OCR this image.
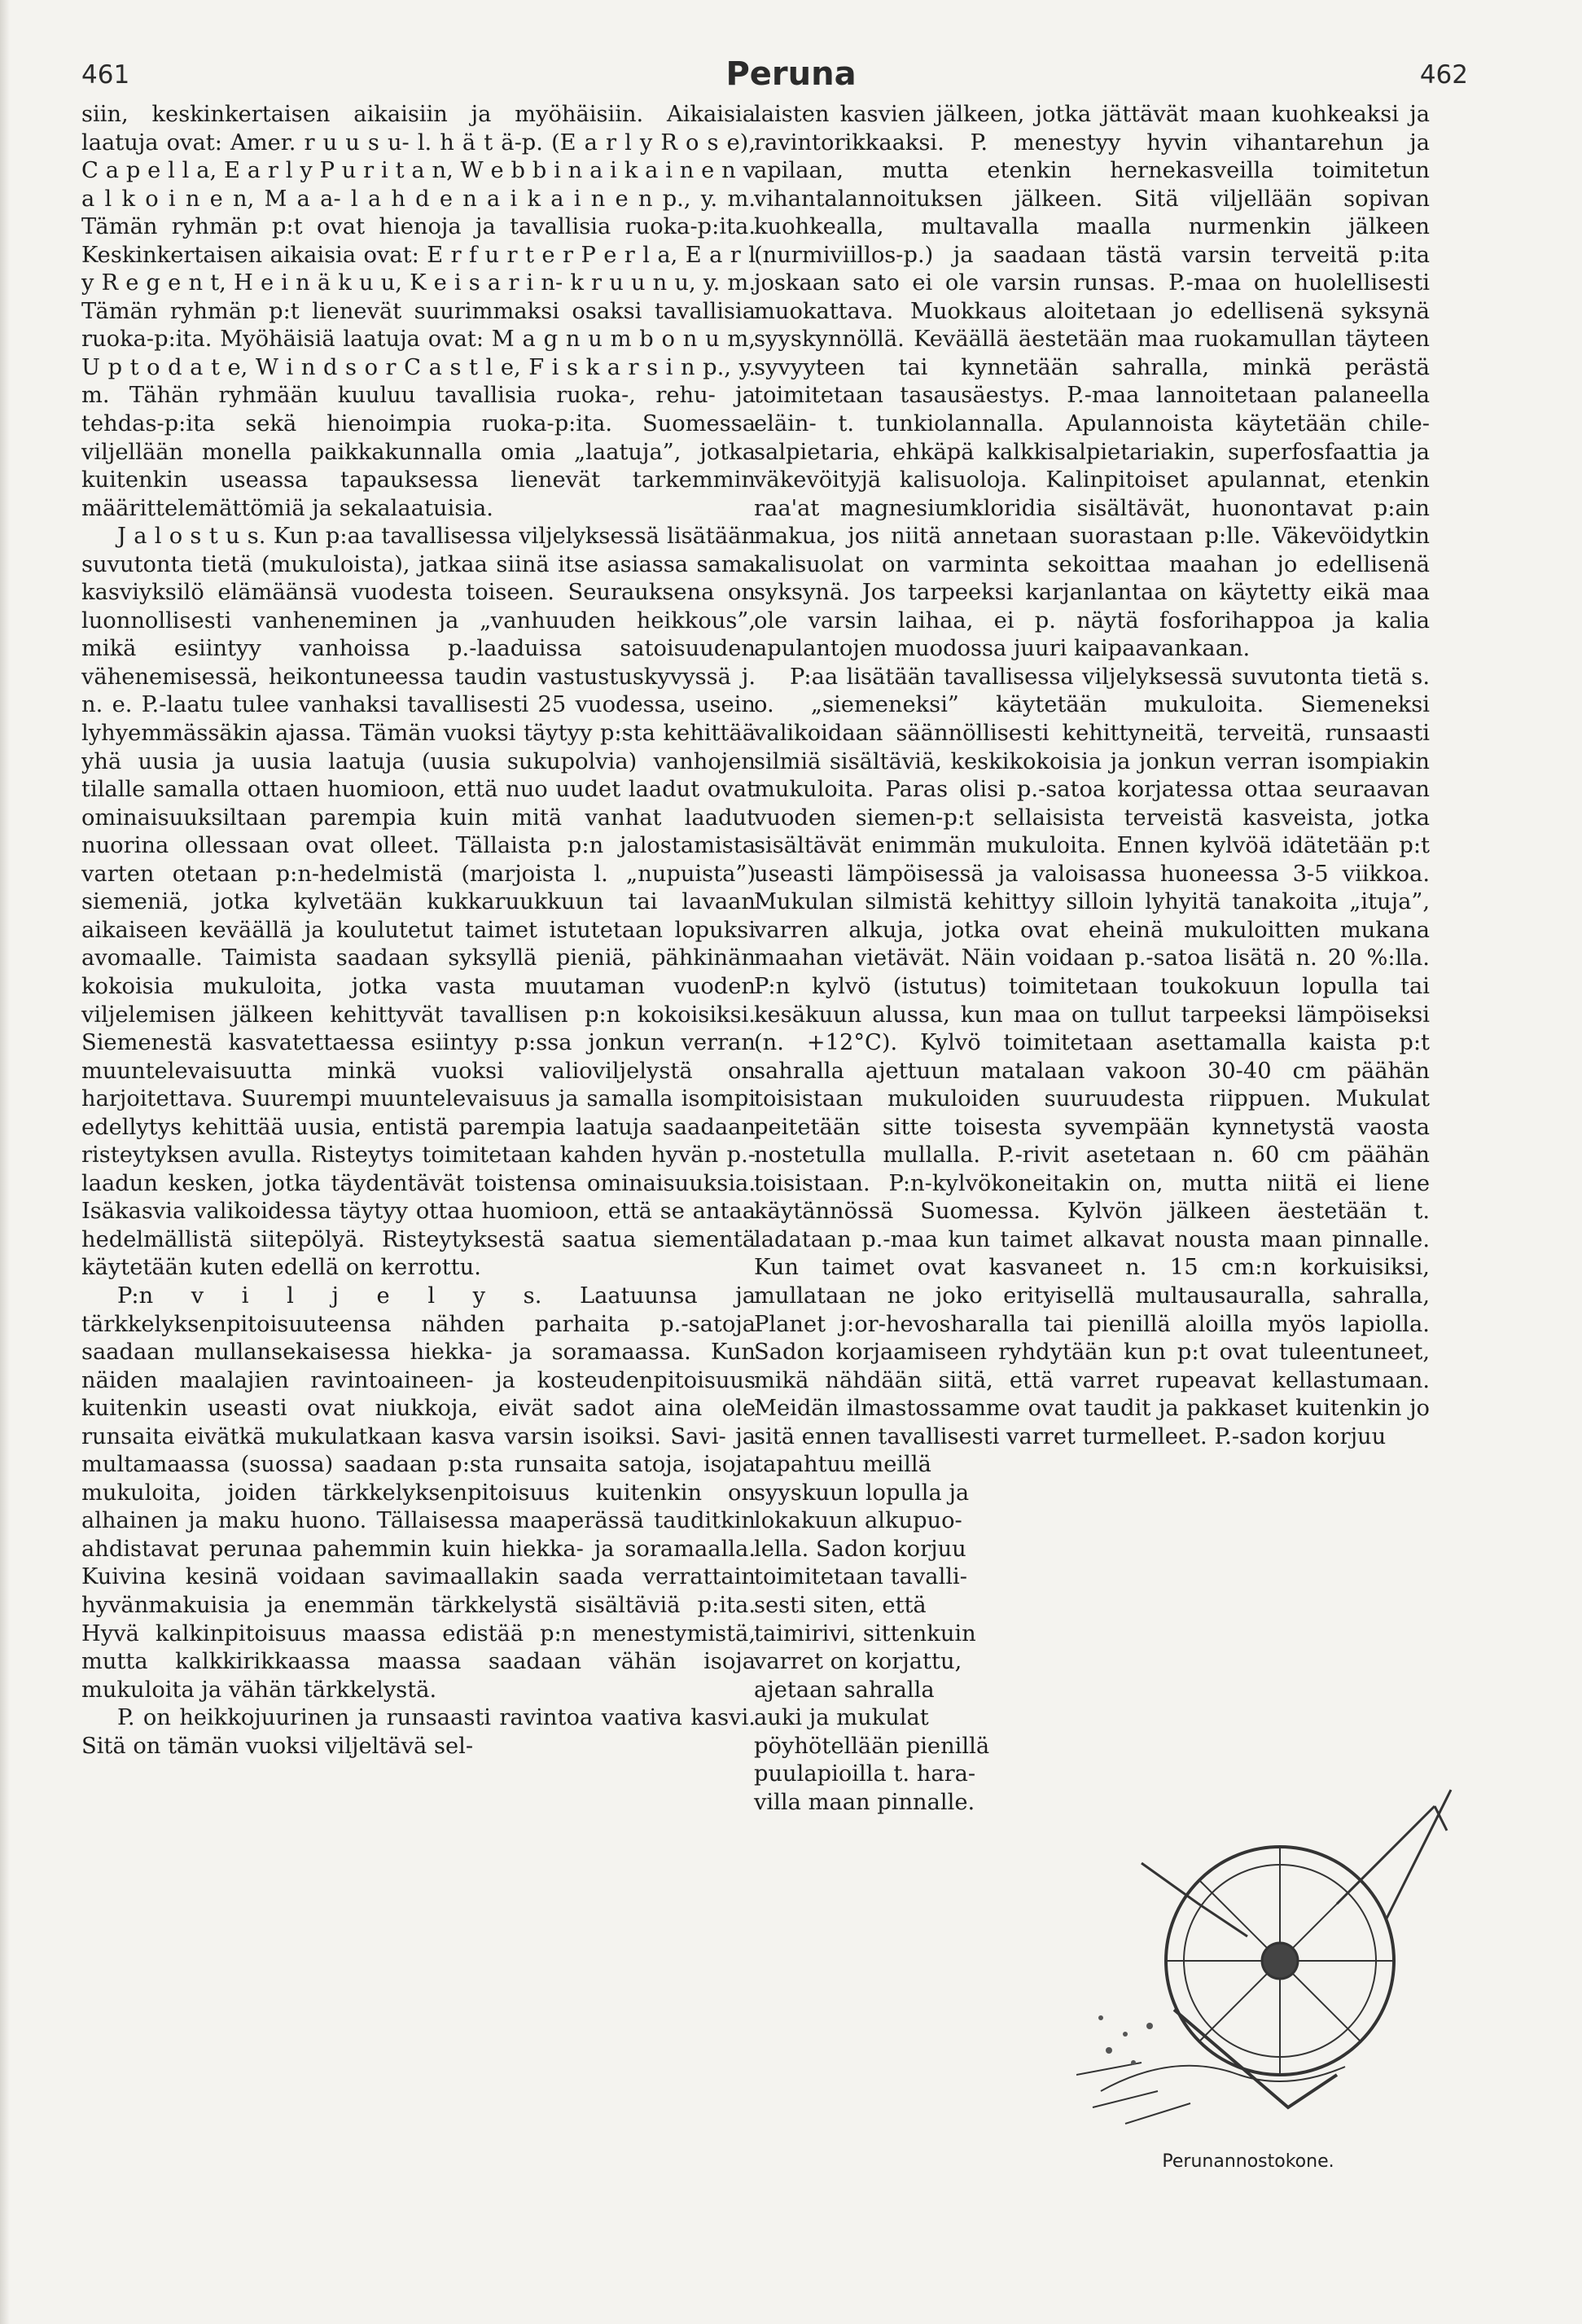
461	Peruna	462

siin, keskinkertaisen aikaisiin ja myöhäisiin. Aikaisia laatuja ovat: Amer. r u u s u- l. h ä t ä-p. (E a r l y R o s e), C a p e l l a, E a r l y P u r i t a n, W e b b i n a i k a i n e n v a l k o i n e n, M a a- l a h d e n a i k a i n e n p., y. m. Tämän ryhmän p:t ovat hienoja ja tavallisia ruoka-p:ita. Keskinkertaisen aikaisia ovat: E r f u r t e r P e r l a, E a r l y R e g e n t, H e i n ä k u u, K e i s a r i n- k r u u n u, y. m. Tämän ryhmän p:t lienevät suurimmaksi osaksi tavallisia ruoka-p:ita. Myöhäisiä laatuja ovat: M a g n u m b o n u m, U p t o d a t e, W i n d s o r C a s t l e, F i s k a r s i n p., y. m. Tähän ryhmään kuuluu tavallisia ruoka-, rehu- ja tehdas-p:ita sekä hienoimpia ruoka-p:ita. Suomessa viljellään monella paikkakunnalla omia „laatuja”, jotka kuitenkin useassa tapauksessa lienevät tarkemmin määrittelemättömiä ja sekalaatuisia.

J a l o s t u s. Kun p:aa tavallisessa viljelyksessä lisätään suvutonta tietä (mukuloista), jatkaa siinä itse asiassa sama kasviyksilö elämäänsä vuodesta toiseen. Seurauksena on luonnollisesti vanheneminen ja „vanhuuden heikkous”, mikä esiintyy vanhoissa p.-laaduissa satoisuuden vähenemisessä, heikontuneessa taudin vastustuskyvyssä j. n. e. P.-laatu tulee vanhaksi tavallisesti 25 vuodessa, usein lyhyemmässäkin ajassa. Tämän vuoksi täytyy p:sta kehittää yhä uusia ja uusia laatuja (uusia sukupolvia) vanhojen tilalle samalla ottaen huomioon, että nuo uudet laadut ovat ominaisuuksiltaan parempia kuin mitä vanhat laadut nuorina ollessaan ovat olleet. Tällaista p:n jalostamista varten otetaan p:n-hedelmistä (marjoista l. „nupuista”) siemeniä, jotka kylvetään kukkaruukkuun tai lavaan aikaiseen keväällä ja koulutetut taimet istutetaan lopuksi avomaalle. Taimista saadaan syksyllä pieniä, pähkinän kokoisia mukuloita, jotka vasta muutaman vuoden viljelemisen jälkeen kehittyvät tavallisen p:n kokoisiksi. Siemenestä kasvatettaessa esiintyy p:ssa jonkun verran muuntelevaisuutta minkä vuoksi valioviljelystä on harjoitettava. Suurempi muuntelevaisuus ja samalla isompi edellytys kehittää uusia, entistä parempia laatuja saadaan risteytyksen avulla. Risteytys toimitetaan kahden hyvän p.-laadun kesken, jotka täydentävät toistensa ominaisuuksia. Isäkasvia valikoidessa täytyy ottaa huomioon, että se antaa hedelmällistä siitepölyä. Risteytyksestä saatua siementä käytetään kuten edellä on kerrottu.

P:n v i l j e l y s. Laatuunsa ja tärkkelyksenpitoisuuteensa nähden parhaita p.-satoja saadaan mullansekaisessa hiekka- ja soramaassa. Kun näiden maalajien ravintoaineen- ja kosteudenpitoisuus kuitenkin useasti ovat niukkoja, eivät sadot aina ole runsaita eivätkä mukulatkaan kasva varsin isoiksi. Savi- ja multamaassa (suossa) saadaan p:sta runsaita satoja, isoja mukuloita, joiden tärkkelyksenpitoisuus kuitenkin on alhainen ja maku huono. Tällaisessa maaperässä tauditkin ahdistavat perunaa pahemmin kuin hiekka- ja soramaalla. Kuivina kesinä voidaan savimaallakin saada verrattain hyvänmakuisia ja enemmän tärkkelystä sisältäviä p:ita. Hyvä kalkinpitoisuus maassa edistää p:n menestymistä, mutta kalkkirikkaassa maassa saadaan vähän isoja mukuloita ja vähän tärkkelystä.

P. on heikkojuurinen ja runsaasti ravintoa vaativa kasvi. Sitä on tämän vuoksi viljeltävä sel-

laisten kasvien jälkeen, jotka jättävät maan kuohkeaksi ja ravintorikkaaksi. P. menestyy hyvin vihantarehun ja apilaan, mutta etenkin hernekasveilla toimitetun vihantalannoituksen jälkeen. Sitä viljellään sopivan kuohkealla, multavalla maalla nurmenkin jälkeen (nurmiviillos-p.) ja saadaan tästä varsin terveitä p:ita joskaan sato ei ole varsin runsas. P.-maa on huolellisesti muokattava. Muokkaus aloitetaan jo edellisenä syksynä syyskynnöllä. Keväällä äestetään maa ruokamullan täyteen syvyyteen tai kynnetään sahralla, minkä perästä toimitetaan tasausäestys. P.-maa lannoitetaan palaneella eläin- t. tunkiolannalla. Apulannoista käytetään chile-salpietaria, ehkäpä kalkkisalpietariakin, superfosfaattia ja väkevöityjä kalisuoloja. Kalinpitoiset apulannat, etenkin raa'at magnesiumkloridia sisältävät, huonontavat p:ain makua, jos niitä annetaan suorastaan p:lle. Väkevöidytkin kalisuolat on varminta sekoittaa maahan jo edellisenä syksynä. Jos tarpeeksi karjanlantaa on käytetty eikä maa ole varsin laihaa, ei p. näytä fosforihappoa ja kalia apulantojen muodossa juuri kaipaavankaan.

P:aa lisätään tavallisessa viljelyksessä suvutonta tietä s. o. „siemeneksi” käytetään mukuloita. Siemeneksi valikoidaan säännöllisesti kehittyneitä, terveitä, runsaasti silmiä sisältäviä, keskikokoisia ja jonkun verran isompiakin mukuloita. Paras olisi p.-satoa korjatessa ottaa seuraavan vuoden siemen-p:t sellaisista terveistä kasveista, jotka sisältävät enimmän mukuloita. Ennen kylvöä idätetään p:t useasti lämpöisessä ja valoisassa huoneessa 3-5 viikkoa. Mukulan silmistä kehittyy silloin lyhyitä tanakoita „ituja”, varren alkuja, jotka ovat eheinä mukuloitten mukana maahan vietävät. Näin voidaan p.-satoa lisätä n. 20 %:lla. P:n kylvö (istutus) toimitetaan toukokuun lopulla tai kesäkuun alussa, kun maa on tullut tarpeeksi lämpöiseksi (n. +12°C). Kylvö toimitetaan asettamalla kaista p:t sahralla ajettuun matalaan vakoon 30-40 cm päähän toisistaan mukuloiden suuruudesta riippuen. Mukulat peitetään sitte toisesta syvempään kynnetystä vaosta nostetulla mullalla. P.-rivit asetetaan n. 60 cm päähän toisistaan. P:n-kylvökoneitakin on, mutta niitä ei liene käytännössä Suomessa. Kylvön jälkeen äestetään t. ladataan p.-maa kun taimet alkavat nousta maan pinnalle. Kun taimet ovat kasvaneet n. 15 cm:n korkuisiksi, mullataan ne joko erityisellä multausauralla, sahralla, Planet j:or-hevosharalla tai pienillä aloilla myös lapiolla. Sadon korjaamiseen ryhdytään kun p:t ovat tuleentuneet, mikä nähdään siitä, että varret rupeavat kellastumaan. Meidän ilmastossamme ovat taudit ja pakkaset kuitenkin jo sitä ennen tavallisesti varret turmelleet. P.-sadon korjuu

tapahtuu meillä
syyskuun lopulla ja
lokakuun alkupuo-
lella. Sadon korjuu
toimitetaan tavalli-
sesti siten, että
taimirivi, sittenkuin
varret on korjattu,
ajetaan sahralla
auki ja mukulat
pöyhötellään pienillä
puulapioilla t. hara-
villa maan pinnalle.
Perunannostokone.
